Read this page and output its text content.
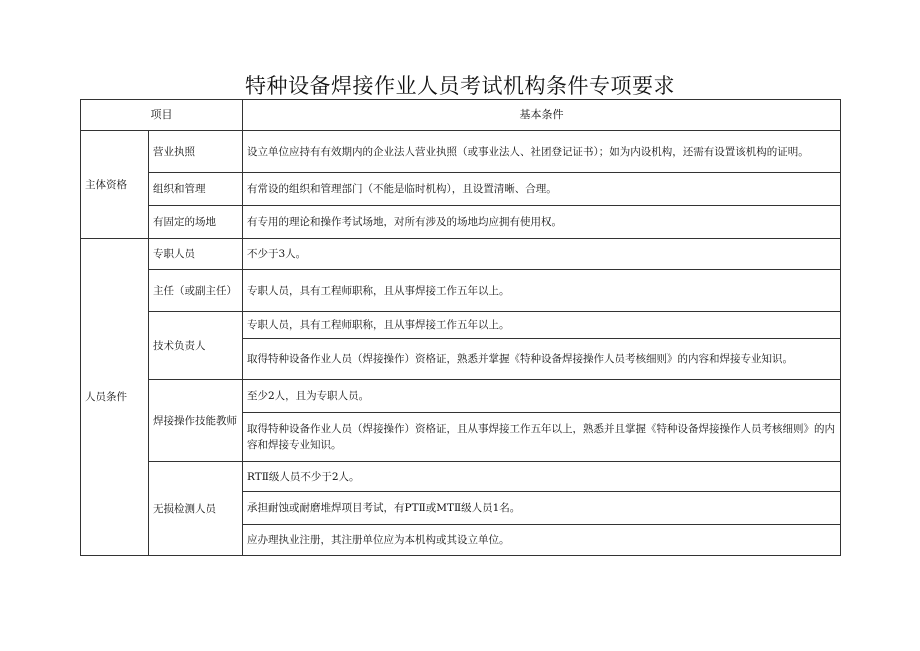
特种设备焊接作业人员考试机构条件专项要求
项目		基本条件
主体资格	营业执照	设立单位应持有有效期内的企业法人营业执照（或事业法人、社团登记证书）；如为内设机构，还需有设置该机构的证明。
	组织和管理	有常设的组织和管理部门（不能是临时机构），且设置清晰、合理。
	有固定的场地	有专用的理论和操作考试场地，对所有涉及的场地均应拥有使用权。
人员条件	专职人员	不少于3人。
	主任（或副主任）	专职人员，具有工程师职称，且从事焊接工作五年以上。
	技术负责人	专职人员，具有工程师职称，且从事焊接工作五年以上。
		取得特种设备作业人员（焊接操作）资格证，熟悉并掌握《特种设备焊接操作人员考核细则》的内容和焊接专业知识。
	焊接操作技能教师	至少2人，且为专职人员。
		取得特种设备作业人员（焊接操作）资格证，且从事焊接工作五年以上，熟悉并且掌握《特种设备焊接操作人员考核细则》的内容和焊接专业知识。
	无损检测人员	RTⅡ级人员不少于2人。
		承担耐蚀或耐磨堆焊项目考试，有PTⅡ或MTⅡ级人员1名。
		应办理执业注册，其注册单位应为本机构或其设立单位。
